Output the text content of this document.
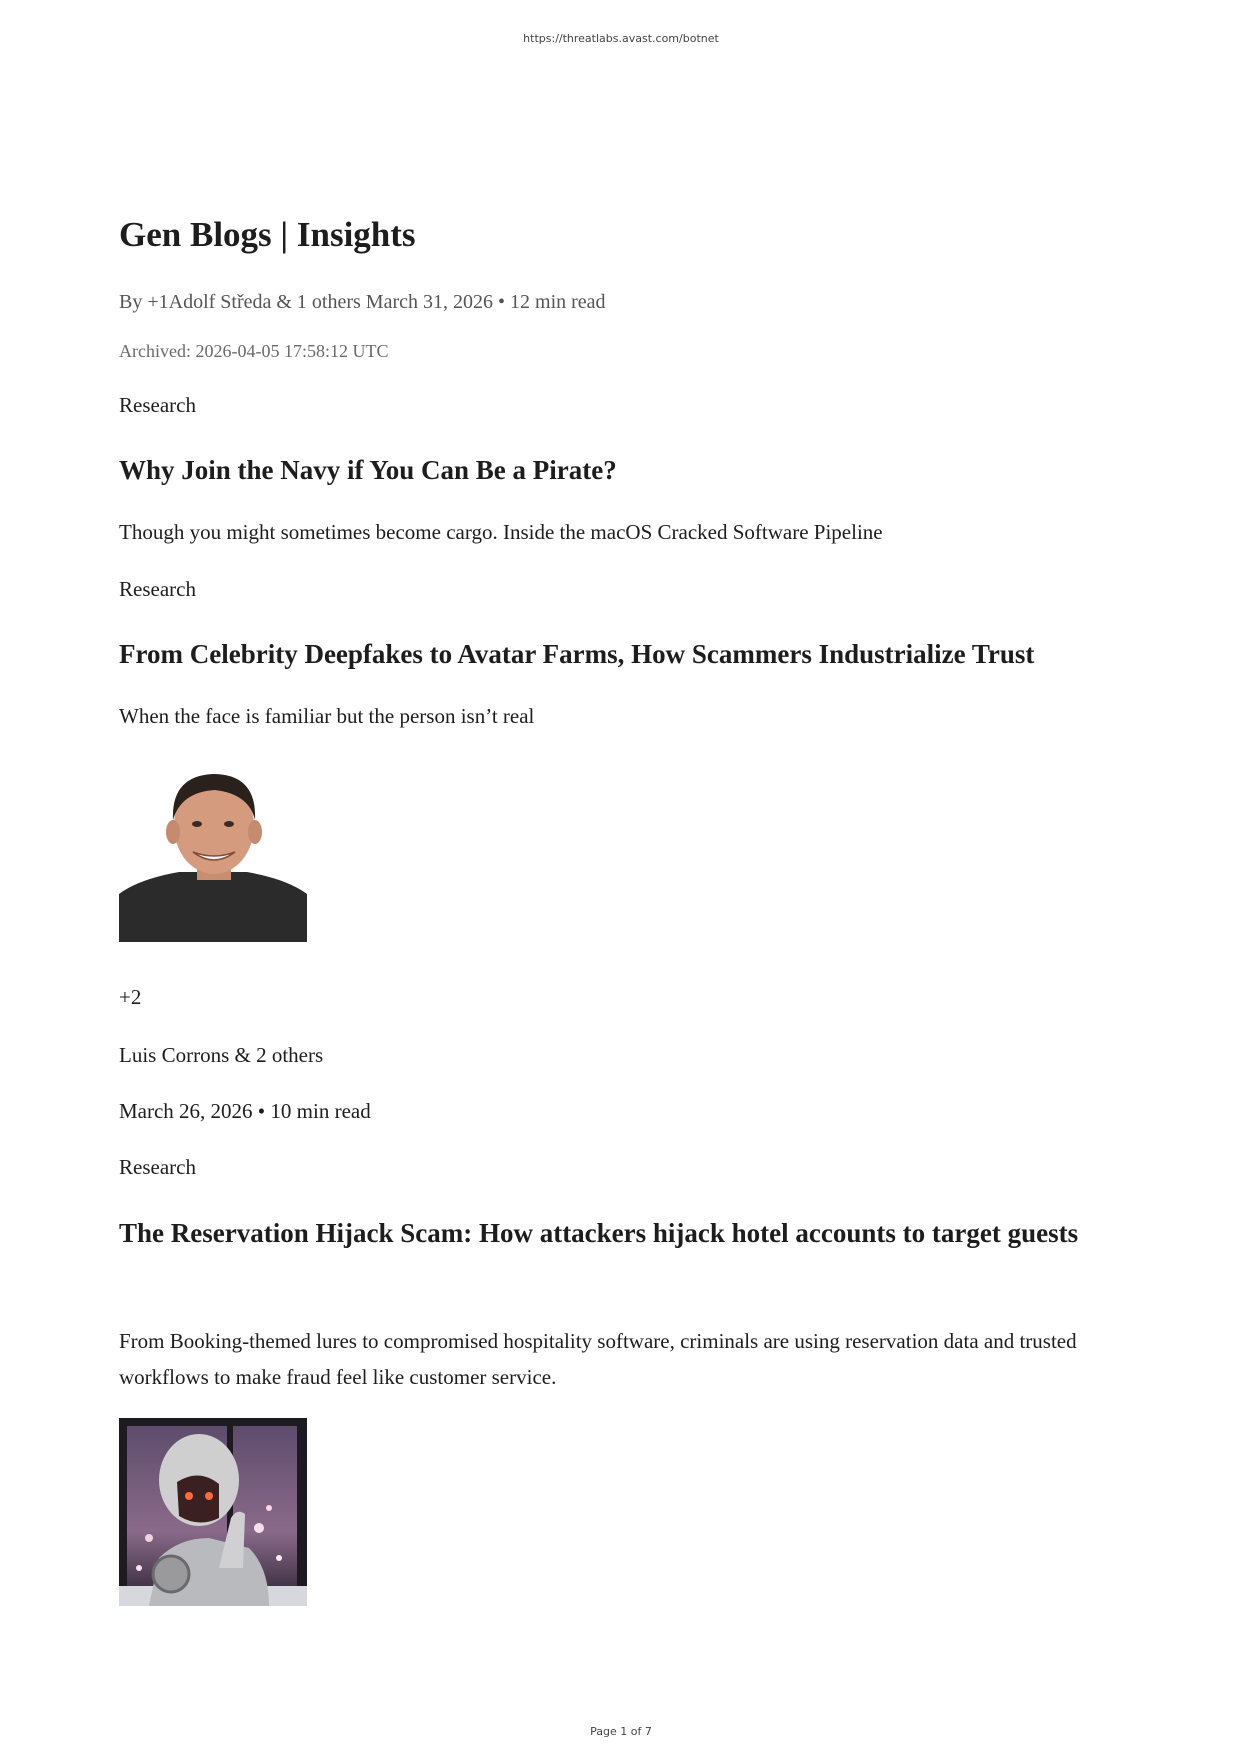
https://threatlabs.avast.com/botnet
Gen Blogs | Insights

By +1Adolf Středa & 1 others March 31, 2026 • 12 min read

Archived: 2026-04-05 17:58:12 UTC

Research

Why Join the Navy if You Can Be a Pirate?

Though you might sometimes become cargo. Inside the macOS Cracked Software Pipeline

Research

From Celebrity Deepfakes to Avatar Farms, How Scammers Industrialize Trust

When the face is familiar but the person isn’t real

+2

Luis Corrons & 2 others

March 26, 2026 • 10 min read

Research

The Reservation Hijack Scam: How attackers hijack hotel accounts to target guests

From Booking-themed lures to compromised hospitality software, criminals are using reservation data and trusted workflows to make fraud feel like customer service.

Page 1 of 7
